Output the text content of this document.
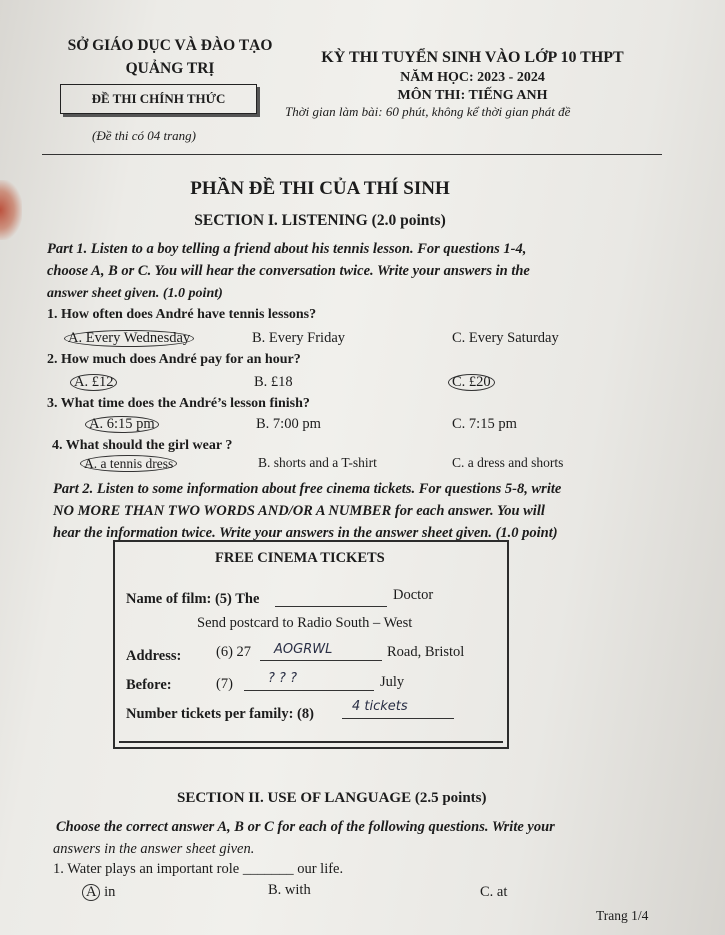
SỞ GIÁO DỤC VÀ ĐÀO TẠO
QUẢNG TRỊ
ĐỀ THI CHÍNH THỨC
(Đề thi có 04 trang)
KỲ THI TUYỂN SINH VÀO LỚP 10 THPT
NĂM HỌC: 2023 - 2024
MÔN THI: TIẾNG ANH
Thời gian làm bài: 60 phút, không kể thời gian phát đề
PHẦN ĐỀ THI CỦA THÍ SINH
SECTION I. LISTENING (2.0 points)
Part 1. Listen to a boy telling a friend about his tennis lesson. For questions 1-4,
choose A, B or C. You will hear the conversation twice. Write your answers in the
answer sheet given. (1.0 point)
1. How often does André have tennis lessons?
A. Every Wednesday	B. Every Friday	C. Every Saturday
2. How much does André pay for an hour?
A. £12	B. £18	C. £20
3. What time does the André’s lesson finish?
A. 6:15 pm	B. 7:00 pm	C. 7:15 pm
4. What should the girl wear ?
A. a tennis dress	B. shorts and a T-shirt	C. a dress and shorts
Part 2. Listen to some information about free cinema tickets. For questions 5-8, write
NO MORE THAN TWO WORDS AND/OR A NUMBER for each answer. You will
hear the information twice. Write your answers in the answer sheet given. (1.0 point)
FREE CINEMA TICKETS
Name of film: (5) The	Doctor
Send postcard to Radio South – West
Address: (6) 27 AOGRWL	Road, Bristol
Before:	(7)	? ? ?	July
Number tickets per family: (8)	4 tickets
SECTION II. USE OF LANGUAGE (2.5 points)
Choose the correct answer A, B or C for each of the following questions. Write your
answers in the answer sheet given.
1. Water plays an important role _______ our life.
A in	B. with	C. at
Trang 1/4
